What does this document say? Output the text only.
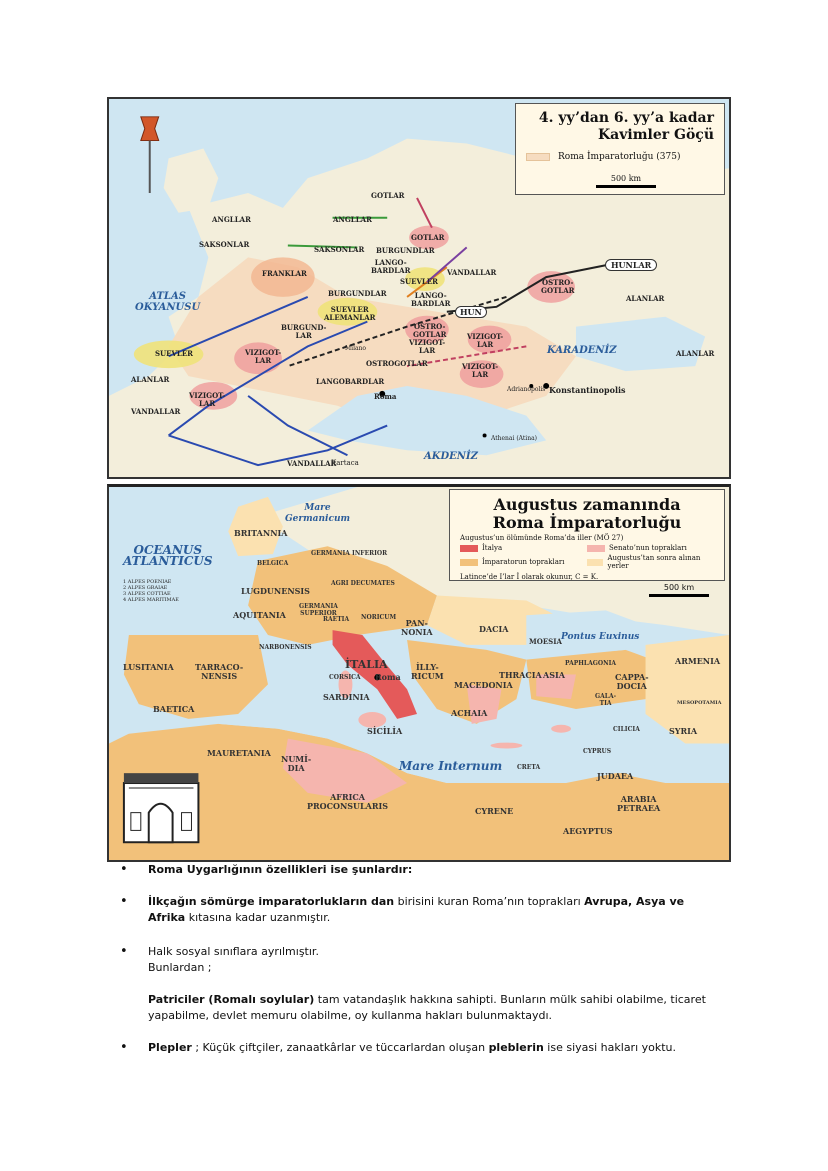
4. yy’dan 6. yy’a kadar
Kavimler Göçü
Roma İmparatorluğu (375)
500 km
ATLAS
OKYANUSU
KARADENİZ
AKDENİZ
GOTLAR
ANGLLAR	ANGLLAR
SAKSONLAR
SAKSONLAR
GOTLAR
BURGUNDLAR
LANGO-
BARDLAR	VANDALLAR
FRANKLAR
BURGUNDLAR
SUEVLER
LANGO-
BARDLAR
OSTRO-
GOTLAR
HUNLAR
ALANLAR
ALANLAR
SUEVLER
ALEMANLAR
HUN
BURGUND-
LAR
OSTRO-
GOTLAR	VIZIGOT-
LAR
VIZIGOT-
LAR
SUEVLER	VIZIGOT-
LAR
VIZIGOT-
LAR
OSTROGOTLAR
LANGOBARDLAR
Roma
ALANLAR
VIZIGOT-
LAR
VANDALLAR
VANDALLAR
Kartaca
Konstantinopolis
Adrianopolis
Athenai (Atina)
Milano
Augustus zamanında
Roma İmparatorluğu
Augustus’un ölümünde Roma’da iller (MÖ 27)
İtalya	Senato’nun toprakları
İmparatorun toprakları	Augustus’tan sonra alınan yerler
Latince’de I’lar İ olarak okunur, C = K.
500 km
Mare
Germanicum
OCEANUS
ATLANTICUS
Pontus Euxinus
Mare Internum
1 ALPES POENIAE
2 ALPES GRAIAE
3 ALPES COTTIAE
4 ALPES MARITIMAE
BRITANNIA
GERMANIA INFERIOR
BELGICA
LUGDUNENSIS
AGRI DECUMATES
AQUITANIA
GERMANIA
SUPERIOR
RAETIA NORICUM
PAN-
NONIA	DACIA
NARBONENSIS
LUSITANIA	TARRACO-
NENSIS
İTALIA	İLLY-
RICUM
MOESIA
THRACIA
MACEDONIA
PAPHLAGONIA	ARMENIA
CAPPA-
DOCIA
ASIA
GALA-
TIA
CORSICA
SARDINIA
BAETICA	ACHAIA
SİCİLİA	CILICIA	SYRIA
MESOPOTAMIA
CYPRUS
MAURETANIA
NUMİ-
DIA
AFRICA
PROCONSULARIS	CYRENE
JUDAEA
ARABIA
PETRAEA
AEGYPTUS
Roma
CRETA
• Roma Uygarlığının özellikleri ise şunlardır:
• İlkçağın sömürge imparatorlukların dan birisini kuran Roma’nın toprakları Avrupa, Asya ve Afrika kıtasına kadar uzanmıştır.
• Halk sosyal sınıflara ayrılmıştır.
Bunlardan ;
Patriciler (Romalı soylular) tam vatandaşlık hakkına sahipti. Bunların mülk sahibi olabilme, ticaret yapabilme, devlet memuru olabilme, oy kullanma hakları bulunmaktaydı.
• Plepler ; Küçük çiftçiler, zanaatkârlar ve tüccarlardan oluşan pleblerin ise siyasi hakları yoktu.
